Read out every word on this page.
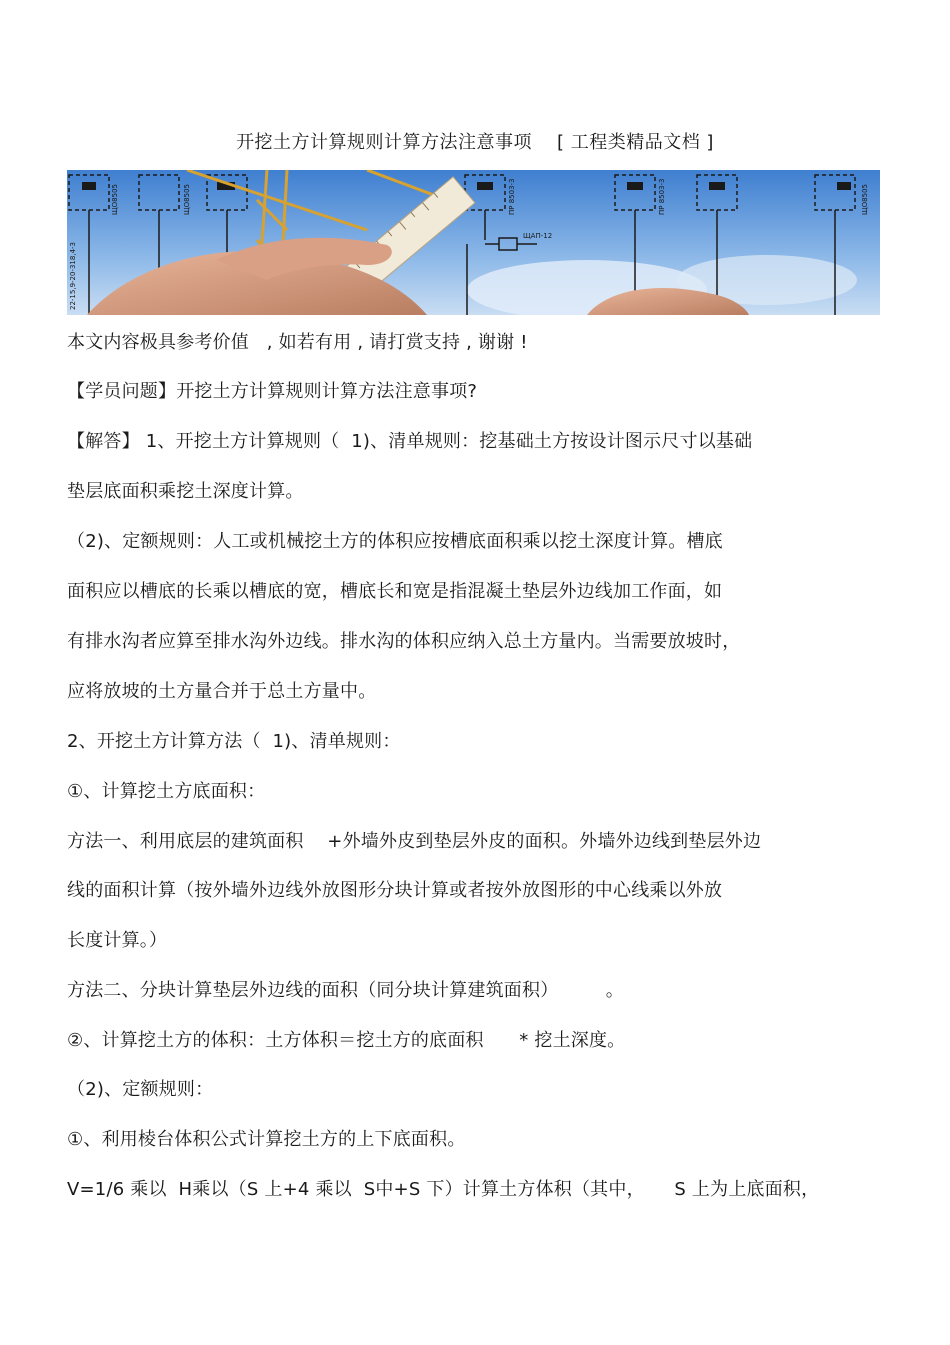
开挖土方计算规则计算方法注意事项    [ 工程类精品文档 ]
22-15,9-20-318,4-3
ЩО8505	ЩО8505	ПР 8503-3
ЩАП-12
ПР 8503-3	ЩО8505
本文内容极具参考价值   , 如若有用 , 请打赏支持 , 谢谢 !
【学员问题】开挖土方计算规则计算方法注意事项?
【解答】 1、开挖土方计算规则（  1)、清单规则：挖基础土方按设计图示尺寸以基础
垫层底面积乘挖土深度计算。
（2)、定额规则：人工或机械挖土方的体积应按槽底面积乘以挖土深度计算。槽底
面积应以槽底的长乘以槽底的宽，槽底长和宽是指混凝土垫层外边线加工作面，如
有排水沟者应算至排水沟外边线。排水沟的体积应纳入总土方量内。当需要放坡时，
应将放坡的土方量合并于总土方量中。
2、开挖土方计算方法（  1)、清单规则：
①、计算挖土方底面积：
方法一、利用底层的建筑面积    +外墙外皮到垫层外皮的面积。外墙外边线到垫层外边
线的面积计算（按外墙外边线外放图形分块计算或者按外放图形的中心线乘以外放
长度计算。）
方法二、分块计算垫层外边线的面积（同分块计算建筑面积）        。
②、计算挖土方的体积：土方体积＝挖土方的底面积      * 挖土深度。
（2)、定额规则：
①、利用棱台体积公式计算挖土方的上下底面积。
V=1/6 乘以  H乘以（S 上+4 乘以  S中+S 下）计算土方体积（其中，     S 上为上底面积，
